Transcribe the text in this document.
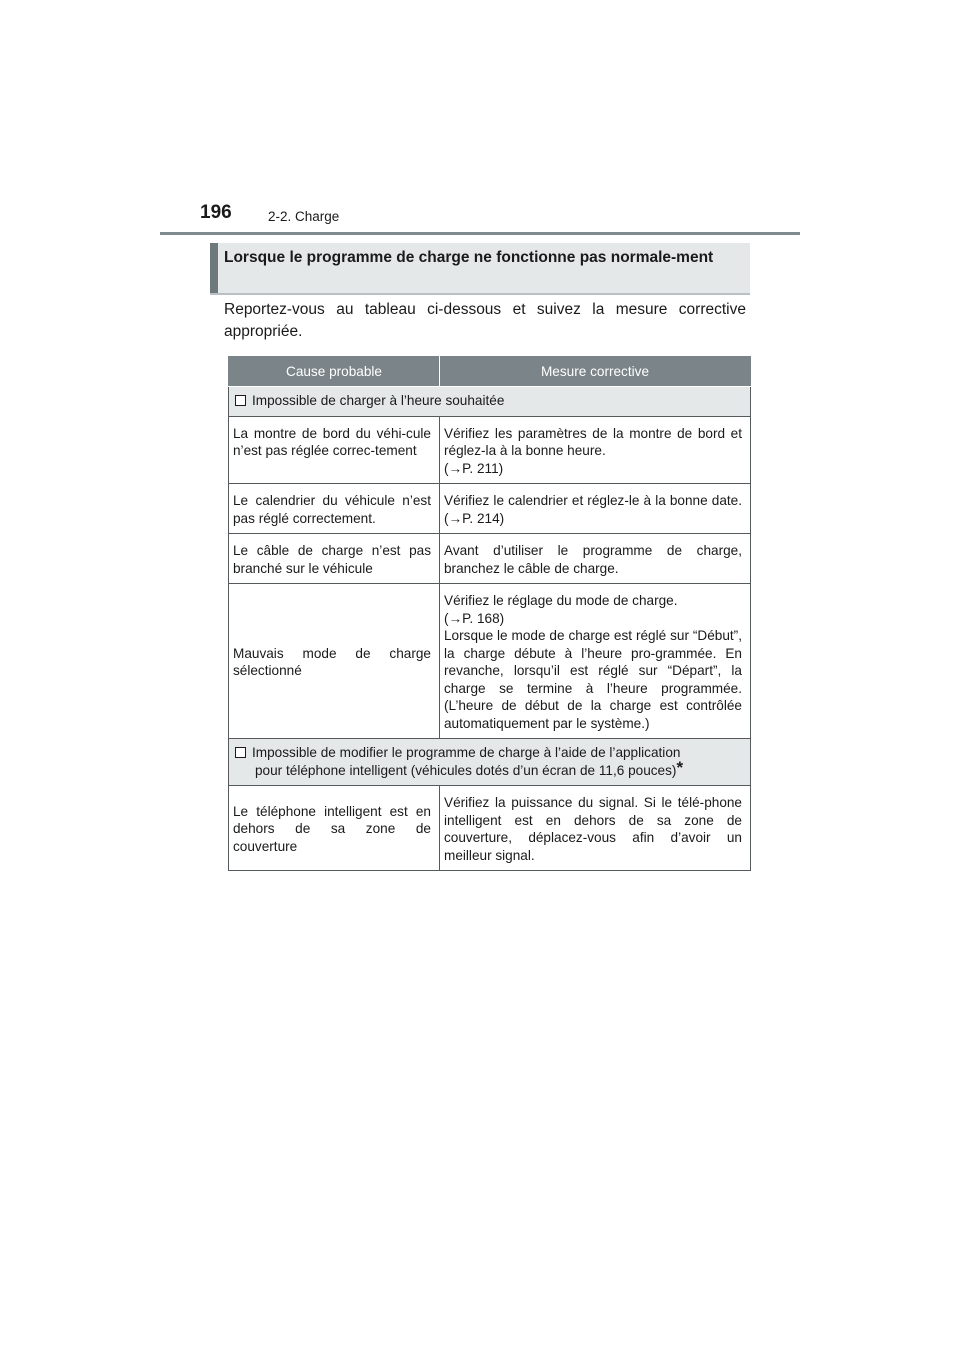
196	2-2. Charge
Lorsque le programme de charge ne fonctionne pas normale-ment
Reportez-vous au tableau ci-dessous et suivez la mesure corrective appropriée.
Cause probable	Mesure corrective

Impossible de charger à l’heure souhaitée	

La montre de bord du véhi-cule n’est pas réglée correc-tement	Vérifiez les paramètres de la montre de bord et réglez-la à la bonne heure.
(→P. 211)

Le calendrier du véhicule n’est pas réglé correctement.	Vérifiez le calendrier et réglez-le à la bonne date. (→P. 214)
Le câble de charge n’est pas branché sur le véhicule	Avant d’utiliser le programme de charge, branchez le câble de charge.
Mauvais mode de charge sélectionné	Vérifiez le réglage du mode de charge.
(→P. 168)
Lorsque le mode de charge est réglé sur “Début”, la charge débute à l’heure pro-grammée. En revanche, lorsqu’il est réglé sur “Départ”, la charge se termine à l’heure programmée. (L’heure de début de la charge est contrôlée automatiquement par le système.)

Impossible de modifier le programme de charge à l’aide de l’application
pour téléphone intelligent (véhicules dotés d’un écran de 11,6 pouces)*	

Le téléphone intelligent est en dehors de sa zone de couverture	Vérifiez la puissance du signal. Si le télé-phone intelligent est en dehors de sa zone de couverture, déplacez-vous afin d’avoir un meilleur signal.
